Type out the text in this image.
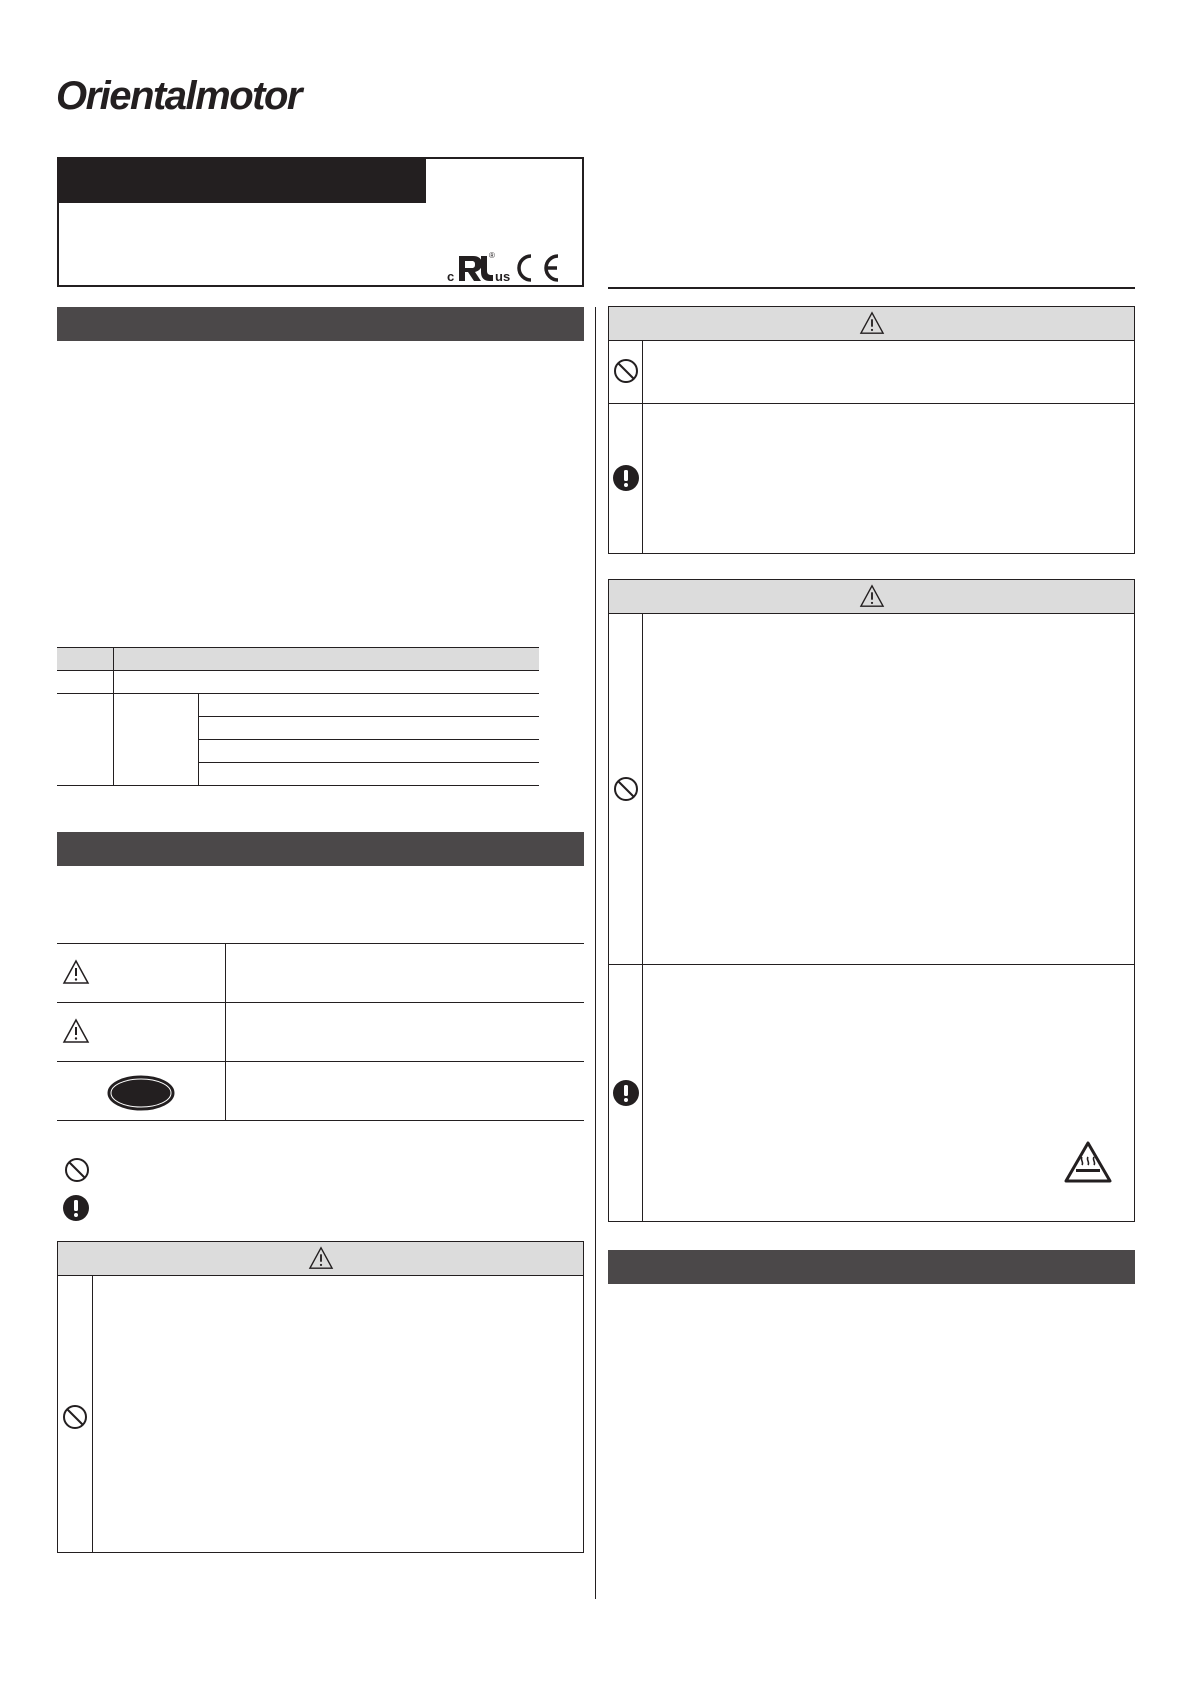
Orientalmotor
c
®
us
